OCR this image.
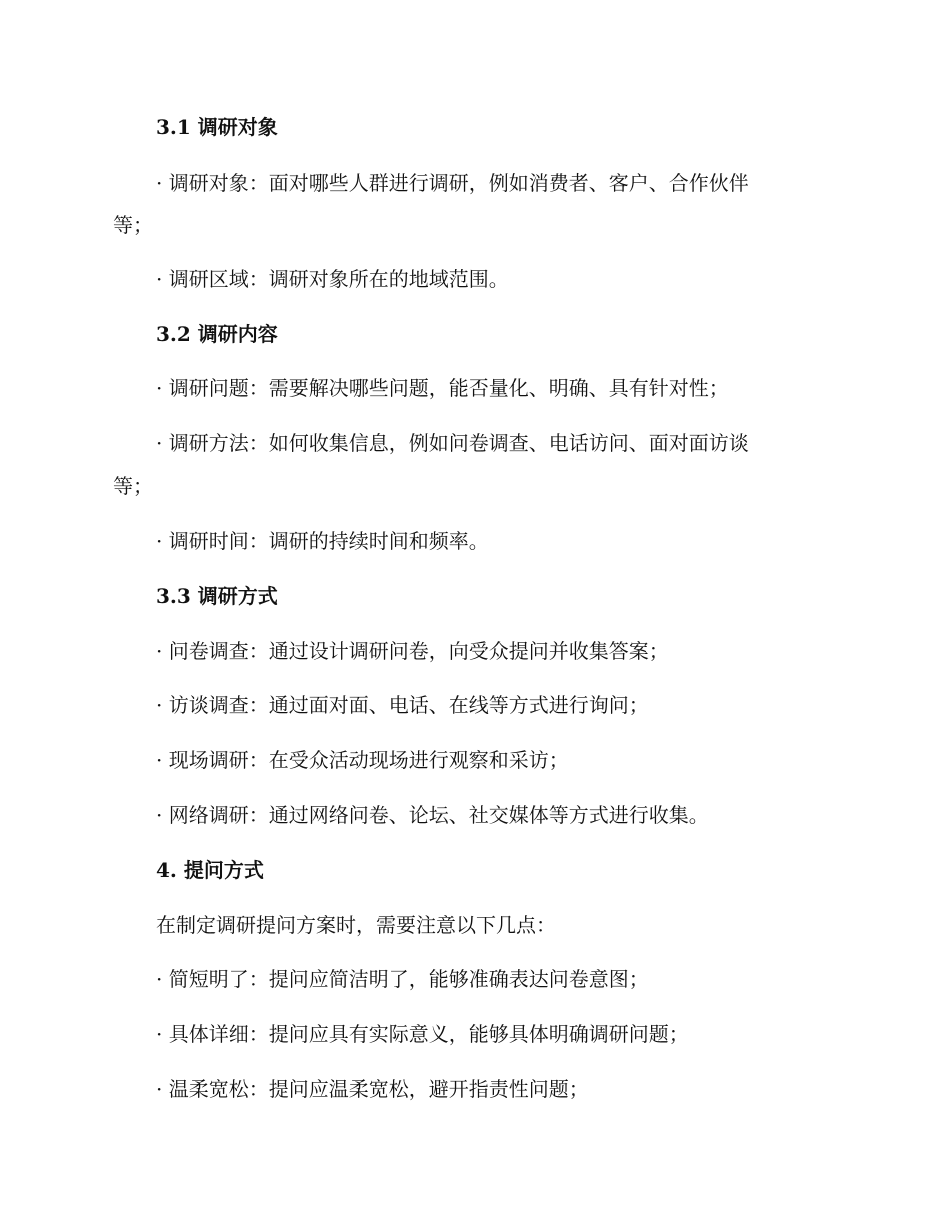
3.1 调研对象
· 调研对象：面对哪些人群进行调研，例如消费者、客户、合作伙伴
等；
· 调研区域：调研对象所在的地域范围。
3.2 调研内容
· 调研问题：需要解决哪些问题，能否量化、明确、具有针对性；
· 调研方法：如何收集信息，例如问卷调查、电话访问、面对面访谈
等；
· 调研时间：调研的持续时间和频率。
3.3 调研方式
· 问卷调查：通过设计调研问卷，向受众提问并收集答案；
· 访谈调查：通过面对面、电话、在线等方式进行询问；
· 现场调研：在受众活动现场进行观察和采访；
· 网络调研：通过网络问卷、论坛、社交媒体等方式进行收集。
4. 提问方式
在制定调研提问方案时，需要注意以下几点：
· 简短明了：提问应简洁明了，能够准确表达问卷意图；
· 具体详细：提问应具有实际意义，能够具体明确调研问题；
· 温柔宽松：提问应温柔宽松，避开指责性问题；
